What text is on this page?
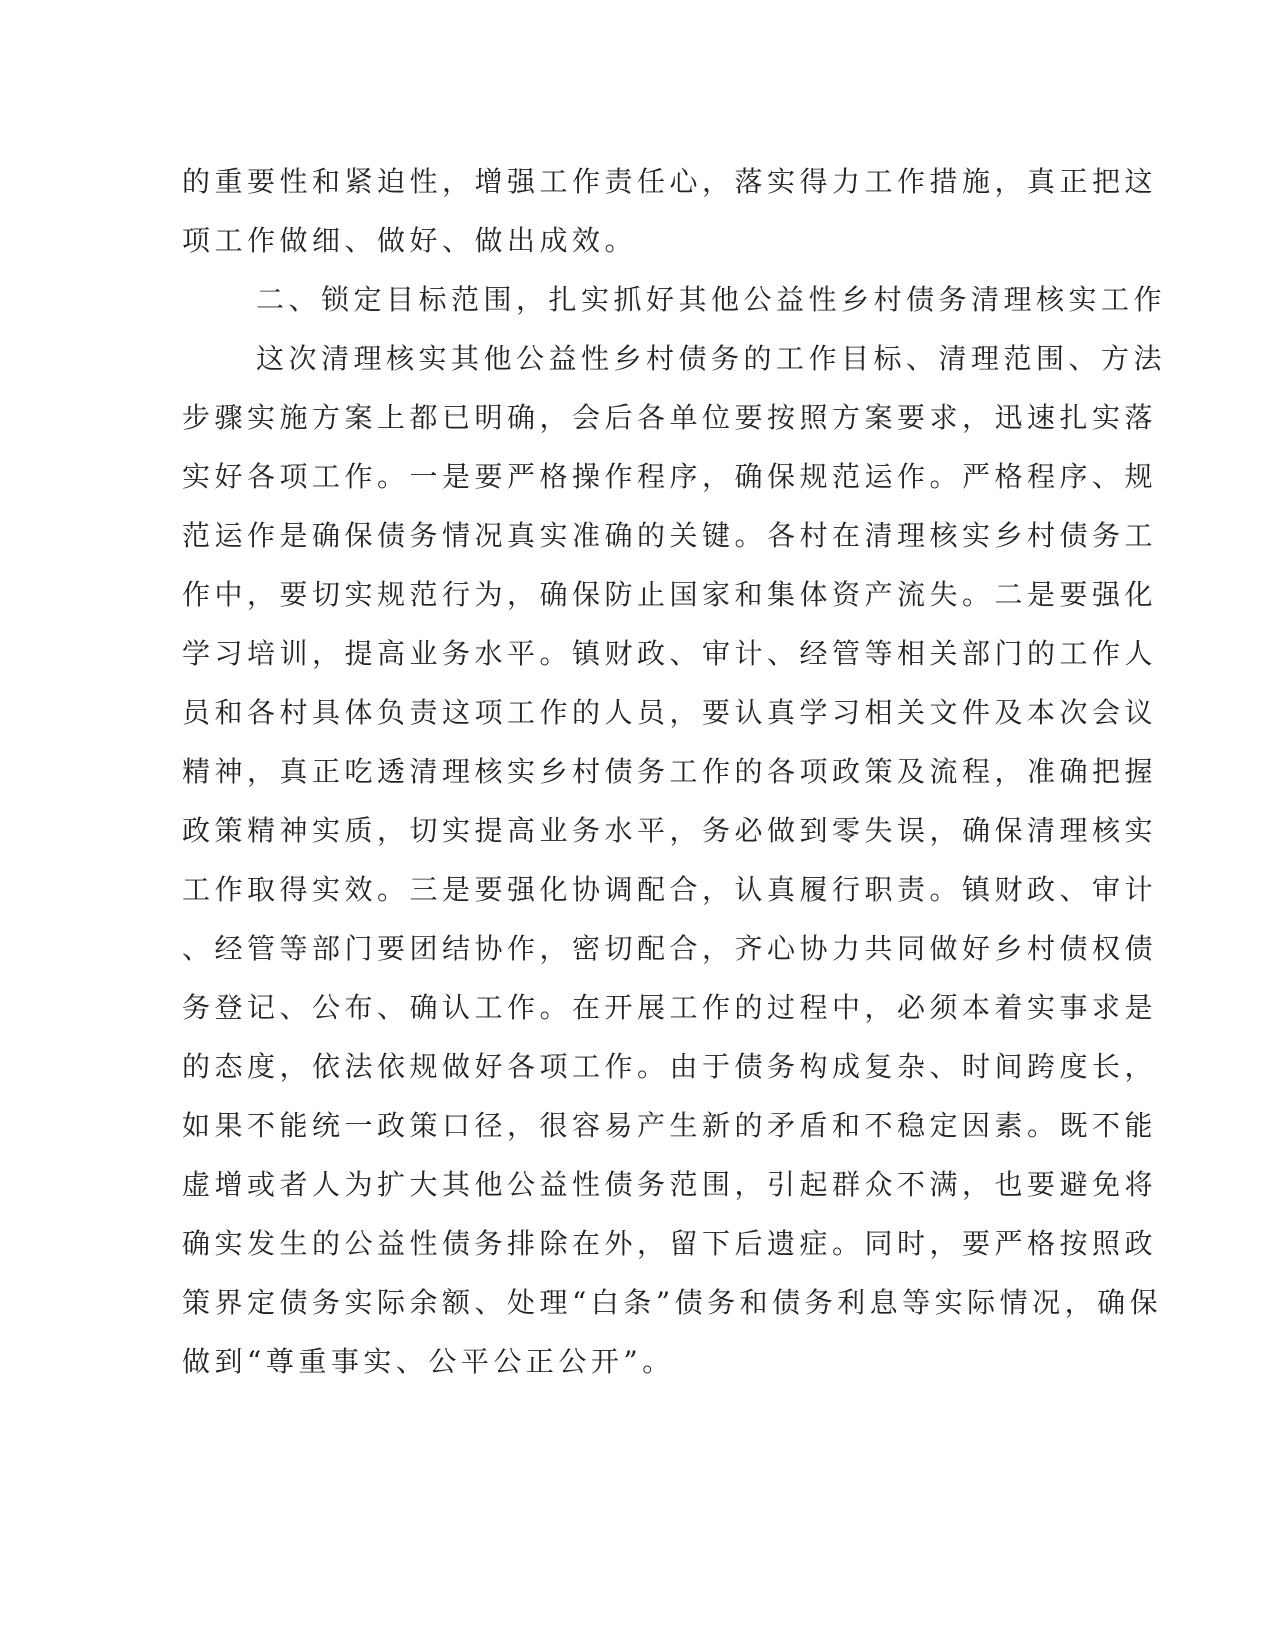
的重要性和紧迫性，增强工作责任心，落实得力工作措施，真正把这
项工作做细、做好、做出成效。
二、锁定目标范围，扎实抓好其他公益性乡村债务清理核实工作
这次清理核实其他公益性乡村债务的工作目标、清理范围、方法
步骤实施方案上都已明确，会后各单位要按照方案要求，迅速扎实落
实好各项工作。一是要严格操作程序，确保规范运作。严格程序、规
范运作是确保债务情况真实准确的关键。各村在清理核实乡村债务工
作中，要切实规范行为，确保防止国家和集体资产流失。二是要强化
学习培训，提高业务水平。镇财政、审计、经管等相关部门的工作人
员和各村具体负责这项工作的人员，要认真学习相关文件及本次会议
精神，真正吃透清理核实乡村债务工作的各项政策及流程，准确把握
政策精神实质，切实提高业务水平，务必做到零失误，确保清理核实
工作取得实效。三是要强化协调配合，认真履行职责。镇财政、审计
、经管等部门要团结协作，密切配合，齐心协力共同做好乡村债权债
务登记、公布、确认工作。在开展工作的过程中，必须本着实事求是
的态度，依法依规做好各项工作。由于债务构成复杂、时间跨度长，
如果不能统一政策口径，很容易产生新的矛盾和不稳定因素。既不能
虚增或者人为扩大其他公益性债务范围，引起群众不满，也要避免将
确实发生的公益性债务排除在外，留下后遗症。同时，要严格按照政
策界定债务实际余额、处理“白条”债务和债务利息等实际情况，确保
做到“尊重事实、公平公正公开”。
